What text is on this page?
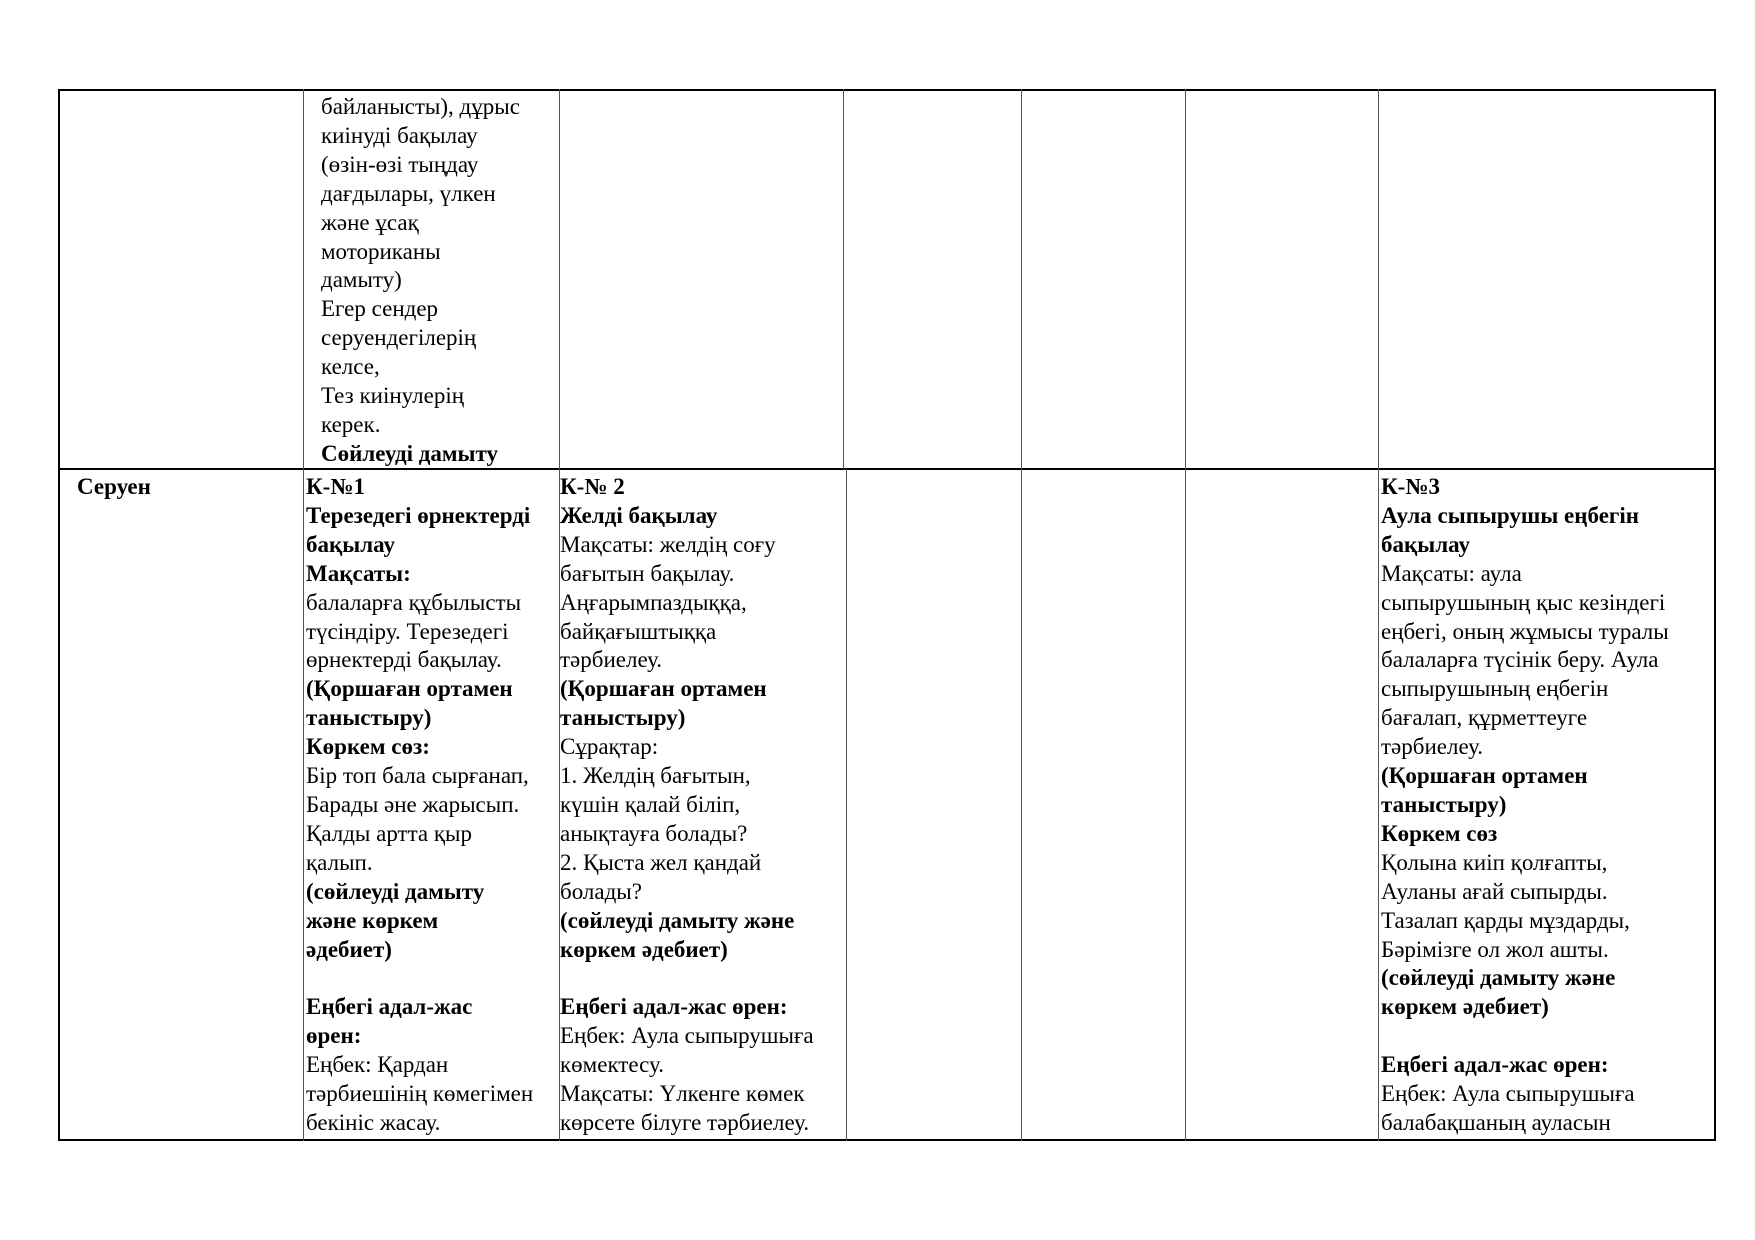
байланысты), дұрыс
киінуді бақылау
(өзін-өзі тыңдау
дағдылары, үлкен
және ұсақ
моториканы
дамыту)
Егер сендер
серуендегілерің
келсе,
Тез киінулерің
керек.
Сөйлеуді дамыту
Серуен	К-№1
Терезедегі өрнектерді
бақылау
Мақсаты:
балаларға құбылысты
түсіндіру. Терезедегі
өрнектерді бақылау.
(Қоршаған ортамен
таныстыру)
Көркем сөз:
Бір топ бала сырғанап,
Барады әне жарысып.
Қалды артта қыр
қалып.
(сөйлеуді дамыту
және көркем
әдебиет)

Еңбегі адал-жас
өрен:
Еңбек: Қардан
тәрбиешінің көмегімен
бекініс жасау.
К-№ 2
Желді бақылау
Мақсаты: желдің соғу
бағытын бақылау.
Аңғарымпаздыққа,
байқағыштыққа
тәрбиелеу.
(Қоршаған ортамен
таныстыру)
Сұрақтар:
1. Желдің бағытын,
күшін қалай біліп,
анықтауға болады?
2. Қыста жел қандай
болады?
(сөйлеуді дамыту және
көркем әдебиет)

Еңбегі адал-жас өрен:
Еңбек: Аула сыпырушыға
көмектесу.
Мақсаты: Үлкенге көмек
көрсете білуге тәрбиелеу.
К-№3
Аула сыпырушы еңбегін
бақылау
Мақсаты: аула
сыпырушының қыс кезіндегі
еңбегі, оның жұмысы туралы
балаларға түсінік беру. Аула
сыпырушының еңбегін
бағалап, құрметтеуге
тәрбиелеу.
(Қоршаған ортамен
таныстыру)
Көркем сөз
Қолына киіп қолғапты,
Ауланы ағай сыпырды.
Тазалап қарды мұздарды,
Бәрімізге ол жол ашты.
(сөйлеуді дамыту және
көркем әдебиет)

Еңбегі адал-жас өрен:
Еңбек: Аула сыпырушыға
балабақшаның ауласын
